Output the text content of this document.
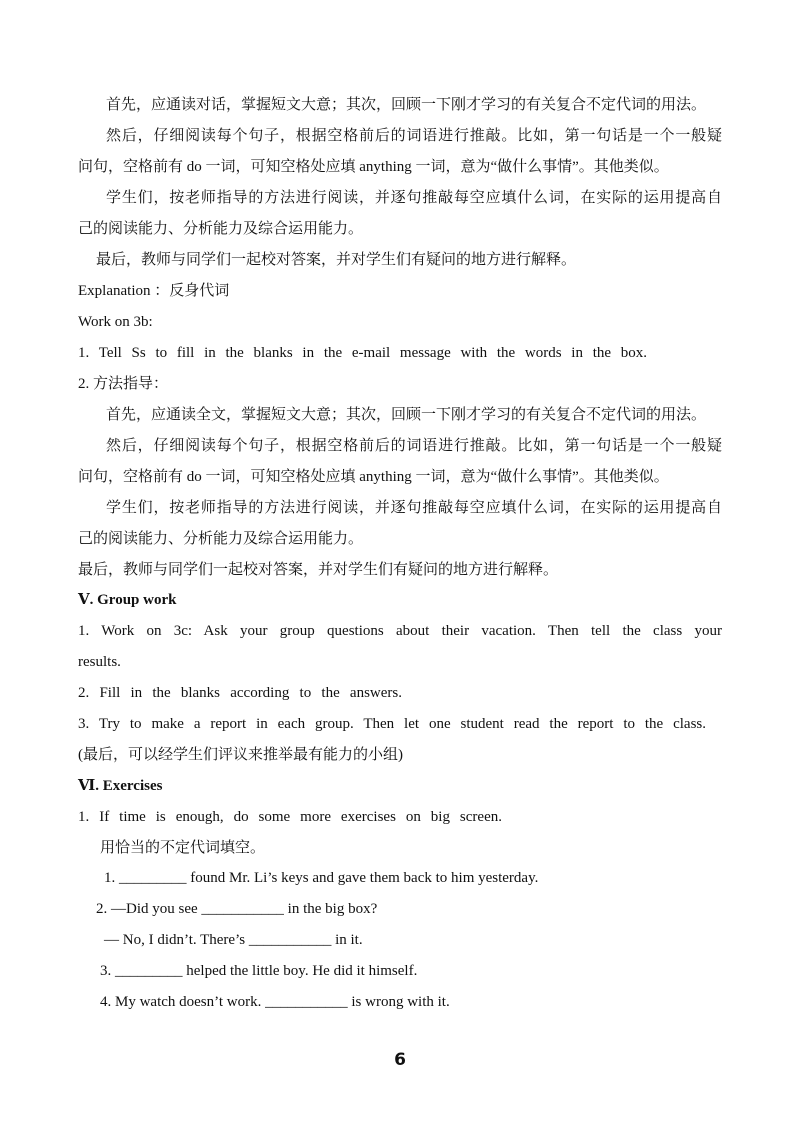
首先，应通读对话，掌握短文大意；其次，回顾一下刚才学习的有关复合不定代词的用法。
然后，仔细阅读每个句子，根据空格前后的词语进行推敲。比如，第一句话是一个一般疑
问句，空格前有 do 一词，可知空格处应填 anything 一词，意为“做什么事情”。其他类似。
学生们，按老师指导的方法进行阅读，并逐句推敲每空应填什么词，在实际的运用提高自
己的阅读能力、分析能力及综合运用能力。
最后，教师与同学们一起校对答案，并对学生们有疑问的地方进行解释。
Explanation ：反身代词
Work on 3b:
1. Tell Ss to fill in the blanks in the e-mail message with the words in the box.
2. 方法指导：
首先，应通读全文，掌握短文大意；其次，回顾一下刚才学习的有关复合不定代词的用法。
然后，仔细阅读每个句子，根据空格前后的词语进行推敲。比如，第一句话是一个一般疑
问句，空格前有 do 一词，可知空格处应填 anything 一词，意为“做什么事情”。其他类似。
学生们，按老师指导的方法进行阅读，并逐句推敲每空应填什么词，在实际的运用提高自
己的阅读能力、分析能力及综合运用能力。
最后，教师与同学们一起校对答案，并对学生们有疑问的地方进行解释。
Ⅴ. Group work
1. Work on 3c: Ask your group questions about their vacation. Then tell the class your
results.
2. Fill in the blanks according to the answers.
3. Try to make a report in each group. Then let one student read the report to the class.
(最后，可以经学生们评议来推举最有能力的小组)
Ⅵ. Exercises
1. If time is enough, do some more exercises on big screen.
用恰当的不定代词填空。
1. _________ found Mr. Li’s keys and gave them back to him yesterday.
2. —Did you see ___________ in the big box?
— No, I didn’t. There’s ___________ in it.
3. _________ helped the little boy. He did it himself.
4. My watch doesn’t work. ___________ is wrong with it.
6
